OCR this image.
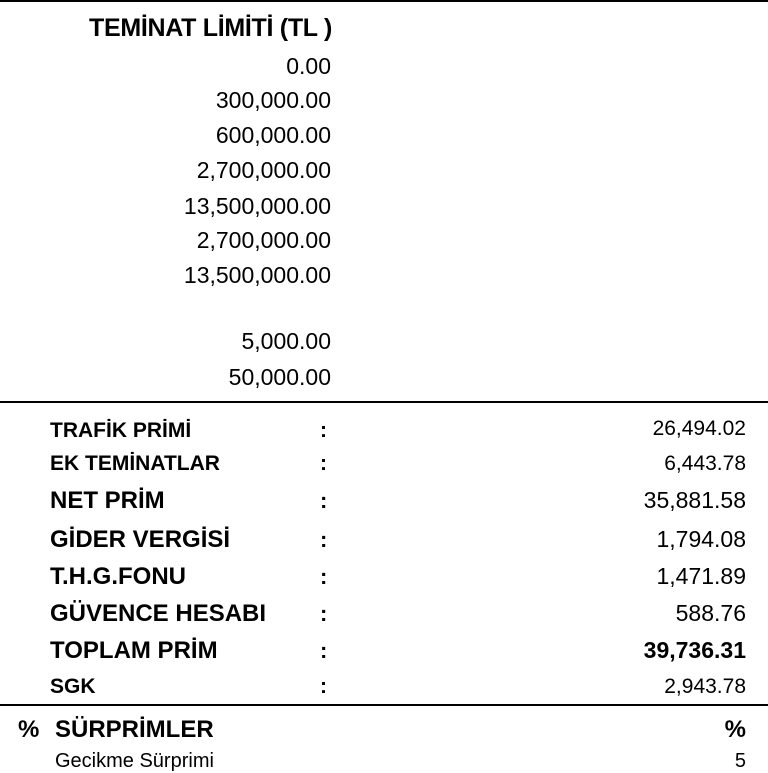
TEMİNAT LİMİTİ (TL )
0.00
300,000.00
600,000.00
2,700,000.00
13,500,000.00
2,700,000.00
13,500,000.00
5,000.00
50,000.00
TRAFİK PRİMİ	:	26,494.02
EK TEMİNATLAR	:	6,443.78
NET PRİM	:	35,881.58
GİDER VERGİSİ	:	1,794.08
T.H.G.FONU	:	1,471.89
GÜVENCE HESABI :	588.76
TOPLAM PRİM	:	39,736.31
SGK	:	2,943.78
% SÜRPRİMLER	%
Gecikme Sürprimi	5
